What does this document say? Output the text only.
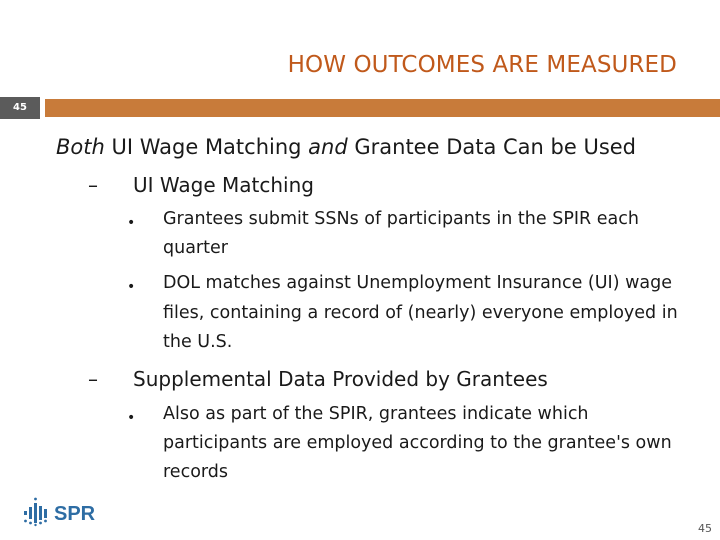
HOW OUTCOMES ARE MEASURED
45
Both UI Wage Matching and Grantee Data Can be Used
– UI Wage Matching
• Grantees submit SSNs of participants in the SPIR each quarter
• DOL matches against Unemployment Insurance (UI) wage files, containing a record of (nearly) everyone employed in the U.S.
– Supplemental Data Provided by Grantees
• Also as part of the SPIR, grantees indicate which participants are employed according to the grantee's own records
SPR
45
